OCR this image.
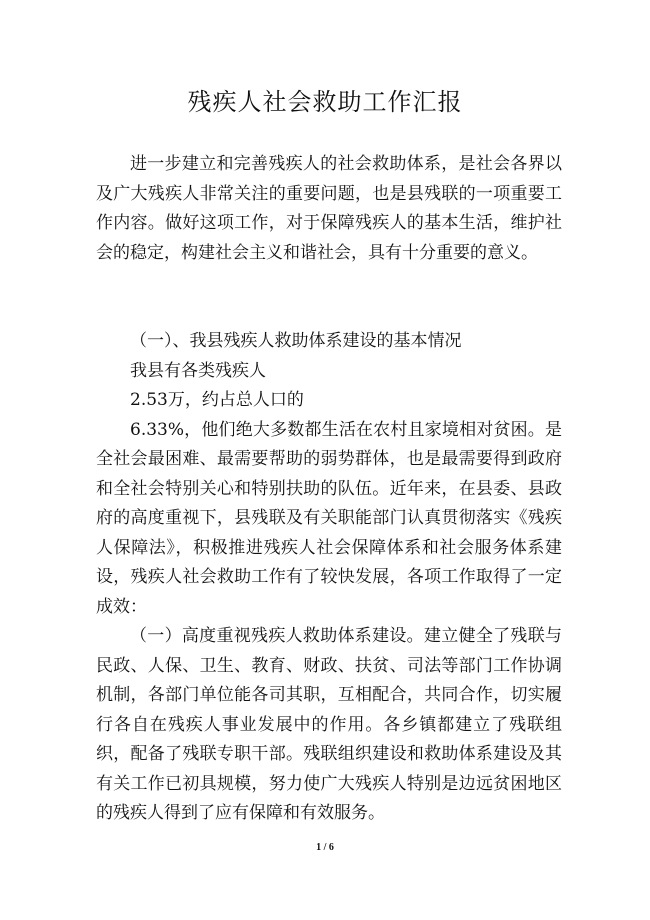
残疾人社会救助工作汇报

进一步建立和完善残疾人的社会救助体系，是社会各界以及广大残疾人非常关注的重要问题，也是县残联的一项重要工作内容。做好这项工作，对于保障残疾人的基本生活，维护社会的稳定，构建社会主义和谐社会，具有十分重要的意义。

（一）、我县残疾人救助体系建设的基本情况

我县有各类残疾人

2.53万，约占总人口的

6.33%，他们绝大多数都生活在农村且家境相对贫困。是全社会最困难、最需要帮助的弱势群体，也是最需要得到政府和全社会特别关心和特别扶助的队伍。近年来，在县委、县政府的高度重视下，县残联及有关职能部门认真贯彻落实《残疾人保障法》，积极推进残疾人社会保障体系和社会服务体系建设，残疾人社会救助工作有了较快发展，各项工作取得了一定成效：

（一）高度重视残疾人救助体系建设。建立健全了残联与民政、人保、卫生、教育、财政、扶贫、司法等部门工作协调机制，各部门单位能各司其职，互相配合，共同合作，切实履行各自在残疾人事业发展中的作用。各乡镇都建立了残联组织，配备了残联专职干部。残联组织建设和救助体系建设及其有关工作已初具规模，努力使广大残疾人特别是边远贫困地区的残疾人得到了应有保障和有效服务。

1 / 6
